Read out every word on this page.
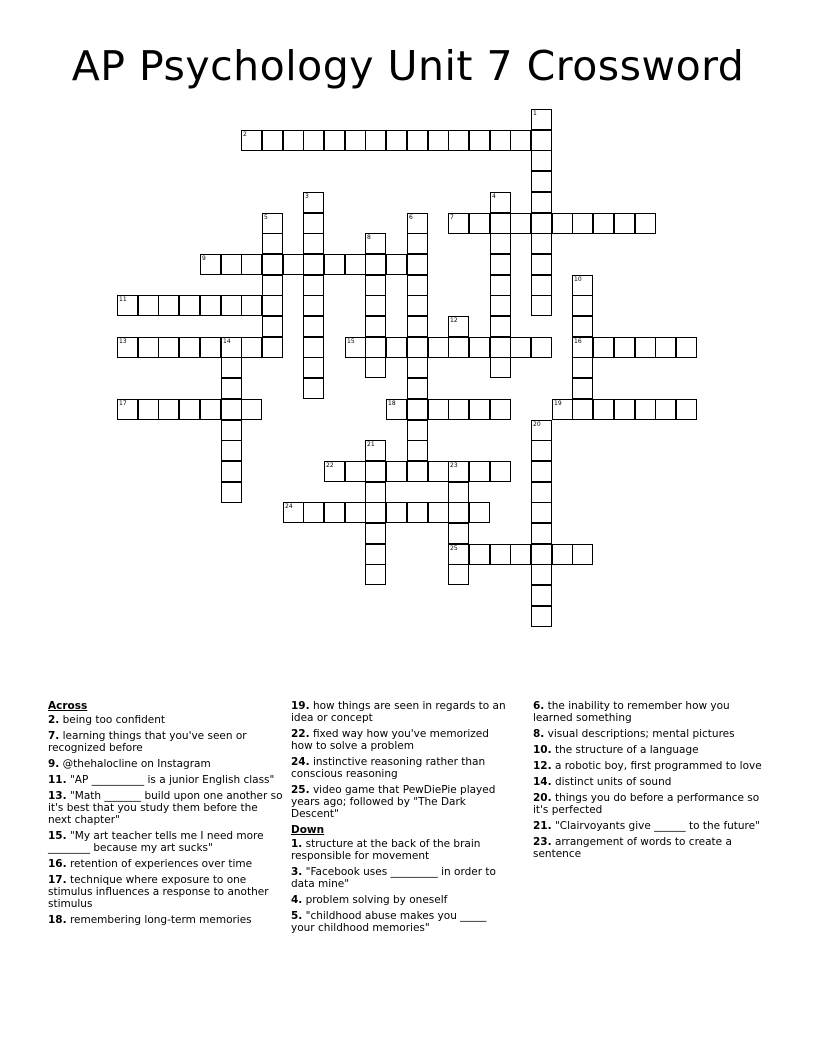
AP Psychology Unit 7 Crossword
2
7
9
11
13	14	15	16
17	18	19
22	23
24
25
1
3	4
5	6
8
10
12
20
21
Across
2. being too confident
7. learning things that you've seen or recognized before
9. @thehalocline on Instagram
11. "AP __________ is a junior English class"
13. "Math _______ build upon one another so it's best that you study them before the next chapter"
15. "My art teacher tells me I need more ________ because my art sucks"
16. retention of experiences over time
17. technique where exposure to one stimulus influences a response to another stimulus
18. remembering long-term memories
19. how things are seen in regards to an idea or concept
22. fixed way how you've memorized how to solve a problem
24. instinctive reasoning rather than conscious reasoning
25. video game that PewDiePie played years ago; followed by "The Dark Descent"
Down
1. structure at the back of the brain responsible for movement
3. "Facebook uses _________ in order to data mine"
4. problem solving by oneself
5. "childhood abuse makes you _____ your childhood memories"
6. the inability to remember how you learned something
8. visual descriptions; mental pictures
10. the structure of a language
12. a robotic boy, first programmed to love
14. distinct units of sound
20. things you do before a performance so it's perfected
21. "Clairvoyants give ______ to the future"
23. arrangement of words to create a sentence
